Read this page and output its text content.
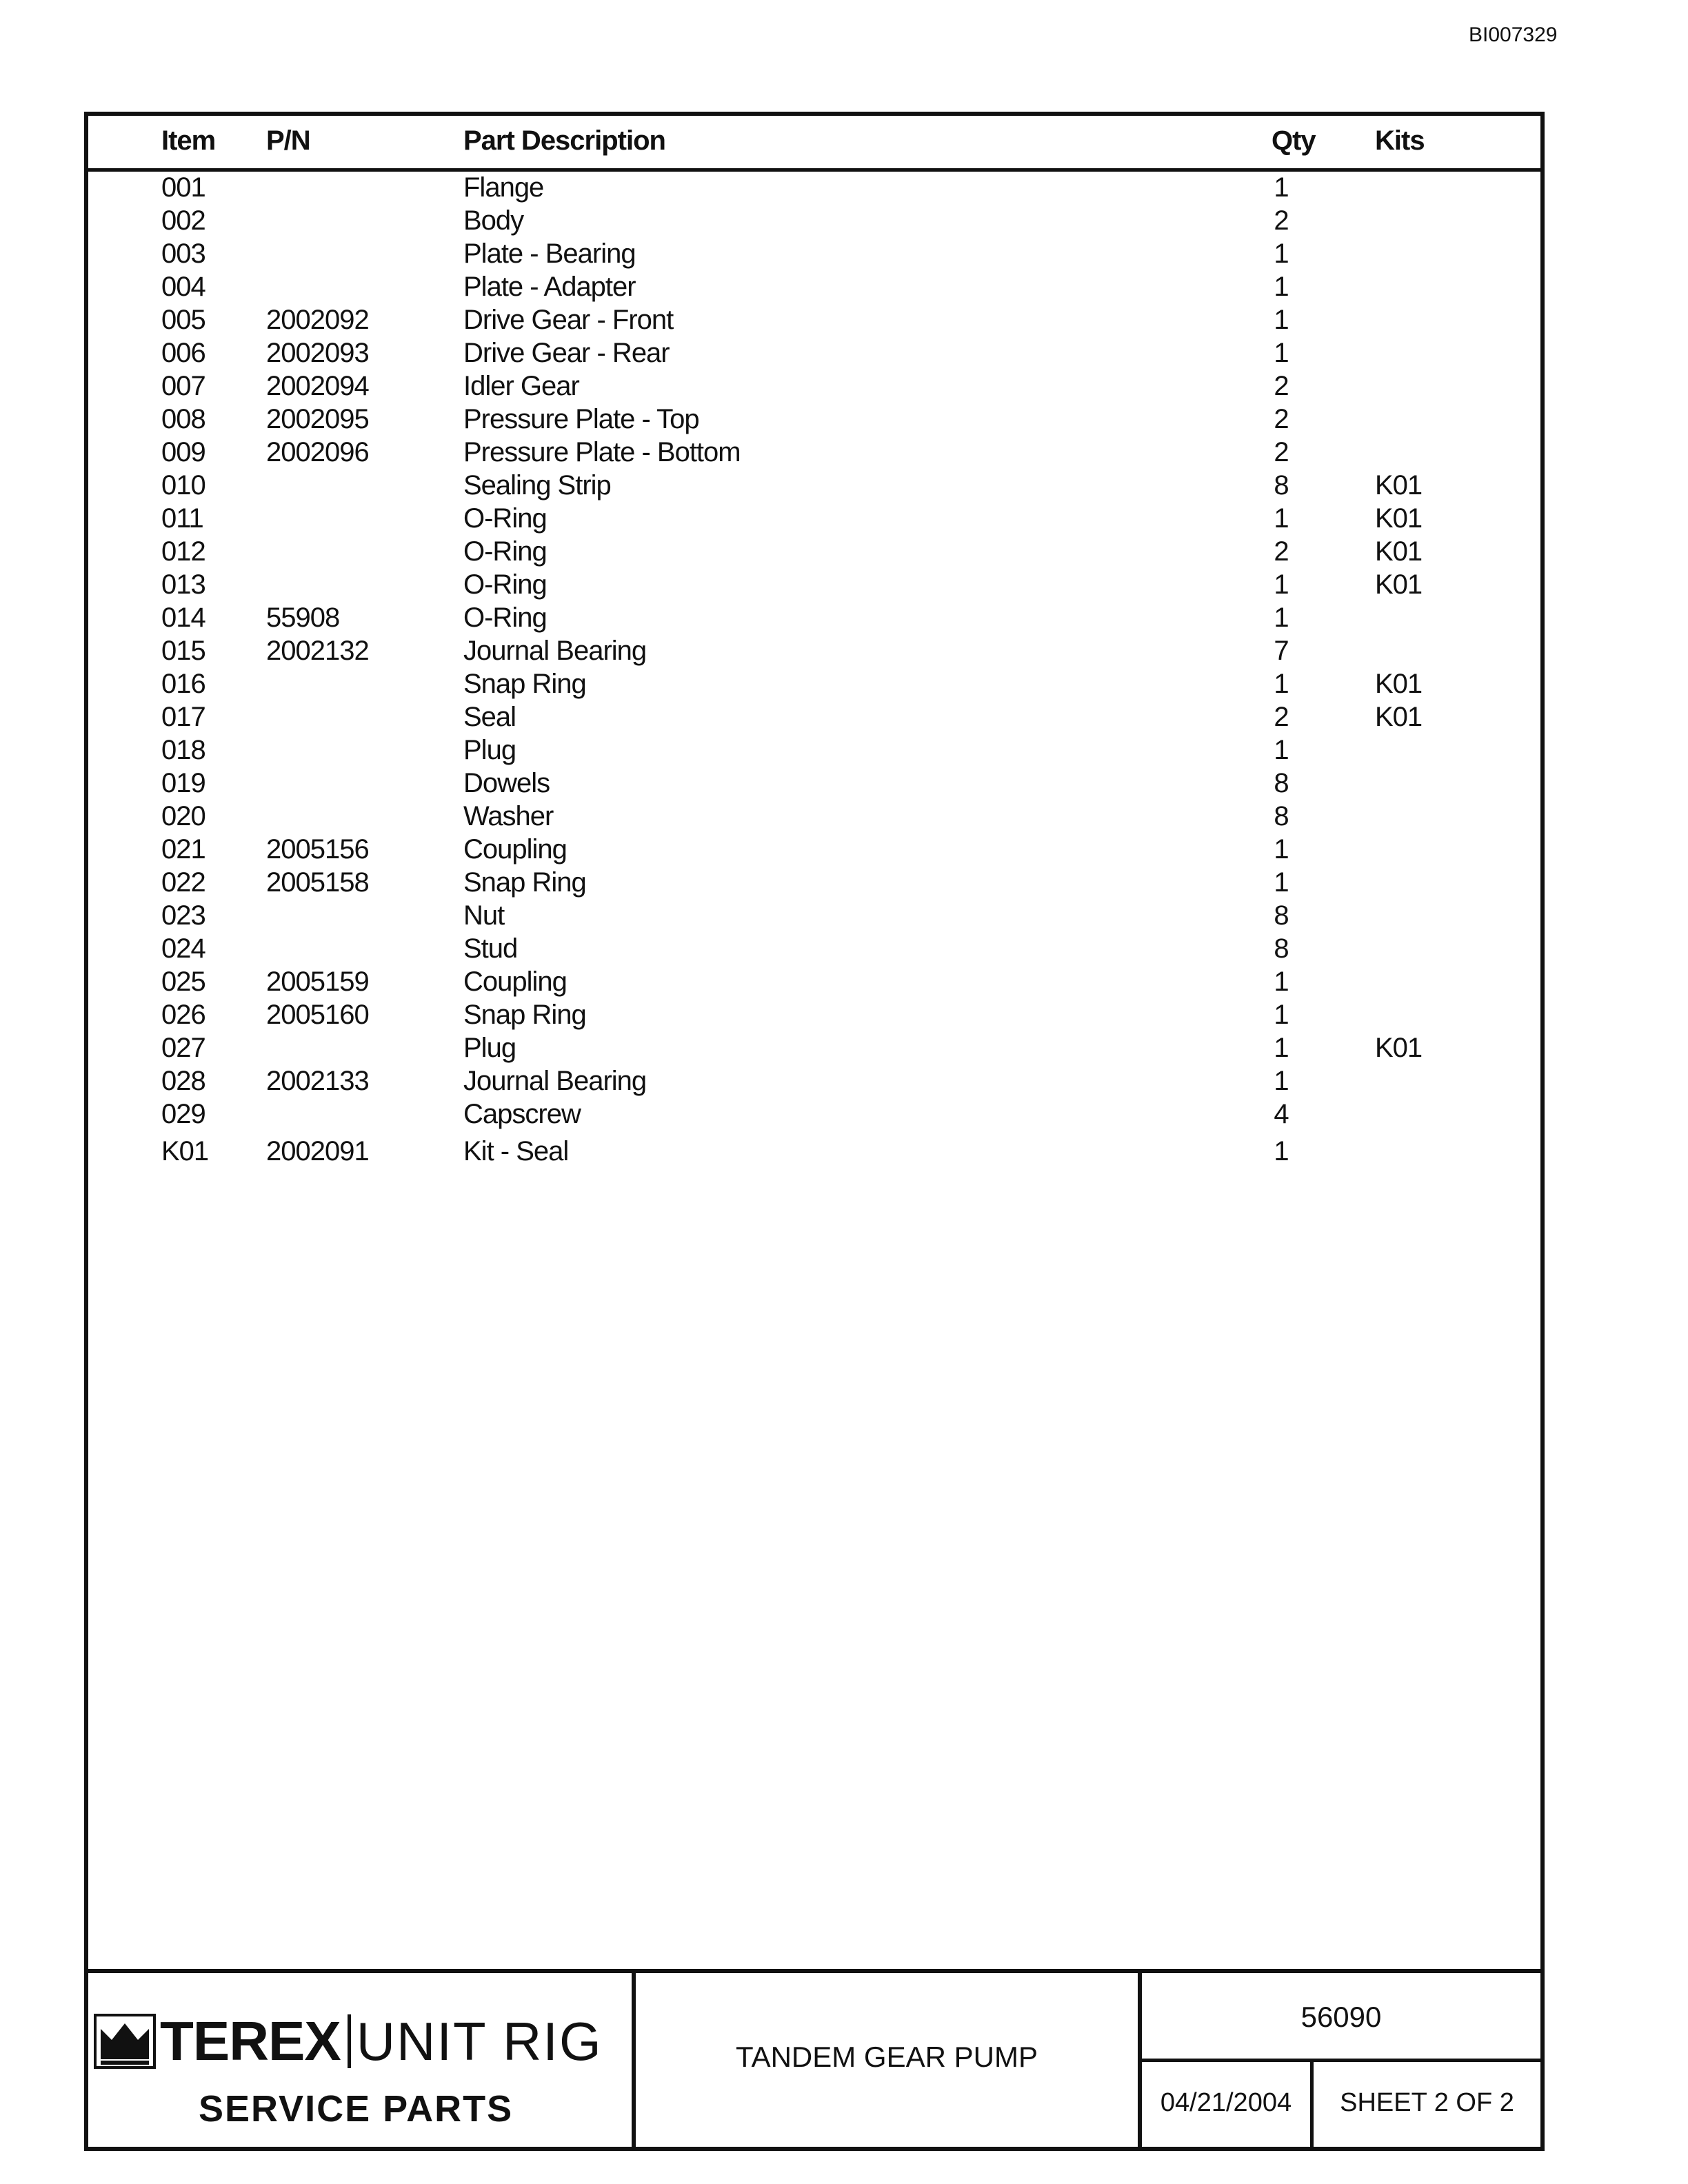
BI007329
Item P/N	Part Description	Qty Kits
001	Flange	1
002	Body	2
003	Plate - Bearing	1
004	Plate - Adapter	1
005 2002092	Drive Gear - Front	1
006 2002093	Drive Gear - Rear	1
007 2002094	Idler Gear	2
008 2002095	Pressure Plate - Top	2
009 2002096	Pressure Plate - Bottom	2
010	Sealing Strip	8	K01
011	O-Ring	1	K01
012	O-Ring	2	K01
013	O-Ring	1	K01
014 55908	O-Ring	1
015 2002132	Journal Bearing	7
016	Snap Ring	1	K01
017	Seal	2	K01
018	Plug	1
019	Dowels	8
020	Washer	8
021 2005156	Coupling	1
022 2005158	Snap Ring	1
023	Nut	8
024	Stud	8
025 2005159	Coupling	1
026 2005160	Snap Ring	1
027	Plug	1	K01
028 2002133	Journal Bearing	1
029	Capscrew	4
K01 2002091	Kit - Seal	1
TEREX UNIT RIG
SERVICE PARTS
TANDEM GEAR PUMP
56090
04/21/2004	SHEET 2 OF 2
